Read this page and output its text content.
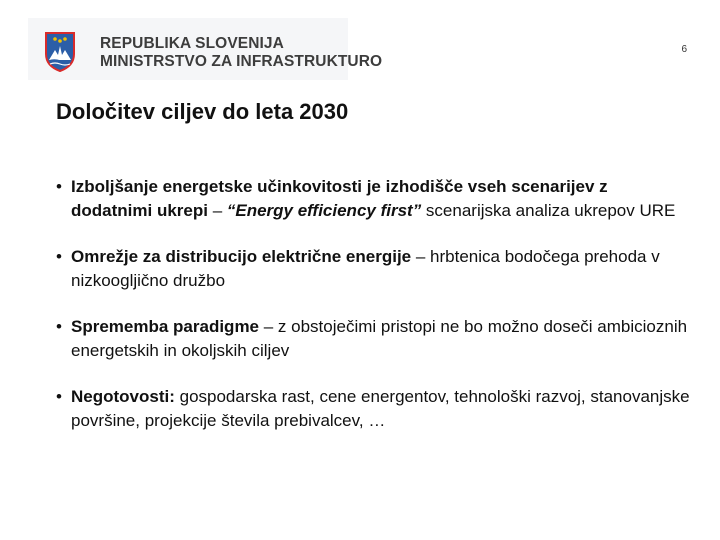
REPUBLIKA SLOVENIJA
MINISTRSTVO ZA INFRASTRUKTURO
6
Določitev ciljev do leta 2030
• Izboljšanje energetske učinkovitosti je izhodišče vseh scenarijev z dodatnimi ukrepi – “Energy efficiency first” scenarijska analiza ukrepov URE
• Omrežje za distribucijo električne energije – hrbtenica bodočega prehoda v nizkoogljično družbo
• Sprememba paradigme – z obstoječimi pristopi ne bo možno doseči ambicioznih energetskih in okoljskih ciljev
• Negotovosti: gospodarska rast, cene energentov, tehnološki razvoj, stanovanjske površine, projekcije števila prebivalcev, …
